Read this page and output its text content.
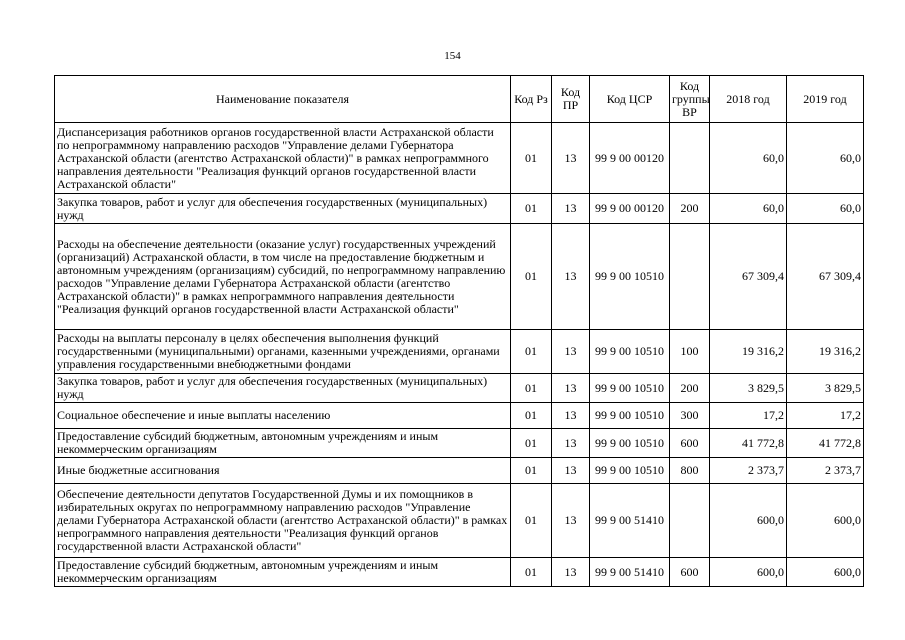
154
Наименование показателя	Код Рз	Код ПР	Код ЦСР	Код группы ВР	2018 год	2019 год
Диспансеризация работников органов государственной власти Астраханской области по непрограммному направлению расходов "Управление делами Губернатора Астраханской области (агентство Астраханской области)" в рамках непрограммного направления деятельности "Реализация функций органов государственной власти Астраханской области"	01	13	99 9 00 00120		60,0	60,0
Закупка товаров, работ и услуг для обеспечения государственных (муниципальных) нужд	01	13	99 9 00 00120	200	60,0	60,0
Расходы на обеспечение деятельности (оказание услуг) государственных учреждений (организаций) Астраханской области, в том числе на предоставление бюджетным и автономным учреждениям (организациям) субсидий, по непрограммному направлению расходов "Управление делами Губернатора Астраханской области (агентство Астраханской области)" в рамках непрограммного направления деятельности "Реализация функций органов государственной власти Астраханской области"	01	13	99 9 00 10510		67 309,4	67 309,4
Расходы на выплаты персоналу в целях обеспечения выполнения функций государственными (муниципальными) органами, казенными учреждениями, органами управления государственными внебюджетными фондами	01	13	99 9 00 10510	100	19 316,2	19 316,2
Закупка товаров, работ и услуг для обеспечения государственных (муниципальных) нужд	01	13	99 9 00 10510	200	3 829,5	3 829,5
Социальное обеспечение и иные выплаты населению	01	13	99 9 00 10510	300	17,2	17,2
Предоставление субсидий бюджетным, автономным учреждениям и иным некоммерческим организациям	01	13	99 9 00 10510	600	41 772,8	41 772,8
Иные бюджетные ассигнования	01	13	99 9 00 10510	800	2 373,7	2 373,7
Обеспечение деятельности депутатов Государственной Думы и их помощников в избирательных округах по непрограммному направлению расходов "Управление делами Губернатора Астраханской области (агентство Астраханской области)" в рамках непрограммного направления деятельности "Реализация функций органов государственной власти Астраханской области"	01	13	99 9 00 51410		600,0	600,0
Предоставление субсидий бюджетным, автономным учреждениям и иным некоммерческим организациям	01	13	99 9 00 51410	600	600,0	600,0
